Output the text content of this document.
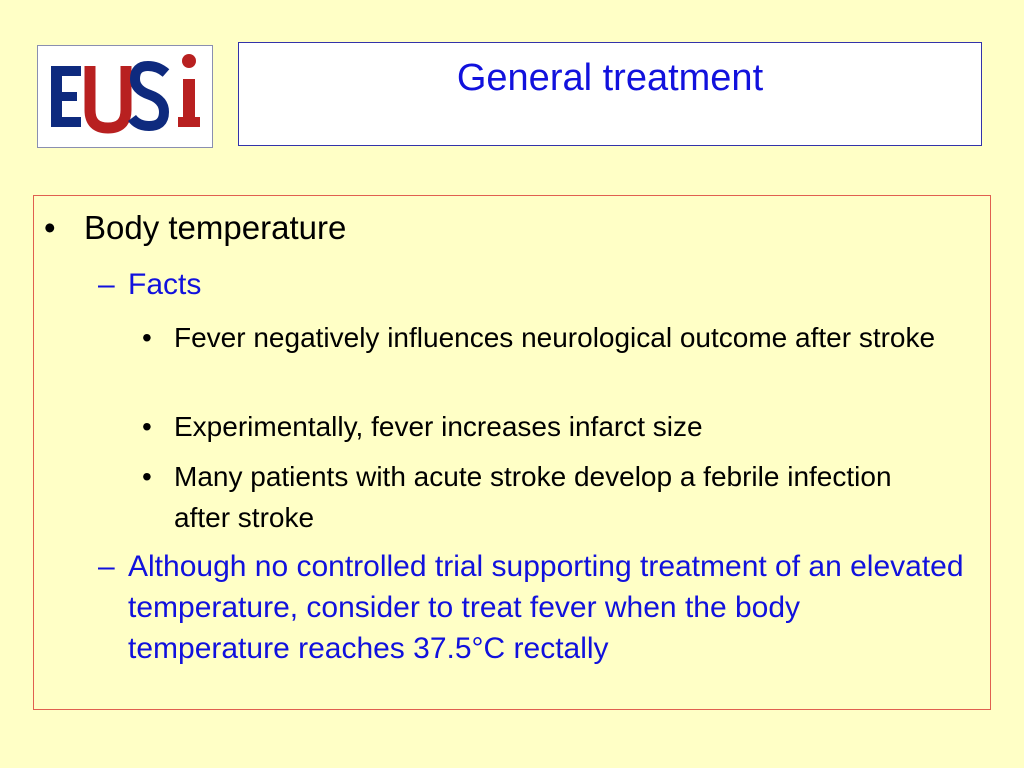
General treatment
• Body temperature
– Facts
• Fever negatively influences neurological outcome after stroke
• Experimentally, fever increases infarct size
• Many patients with acute stroke develop a febrile infection after stroke
– Although no controlled trial supporting treatment of an elevated temperature, consider to treat fever when the body temperature reaches 37.5°C rectally
